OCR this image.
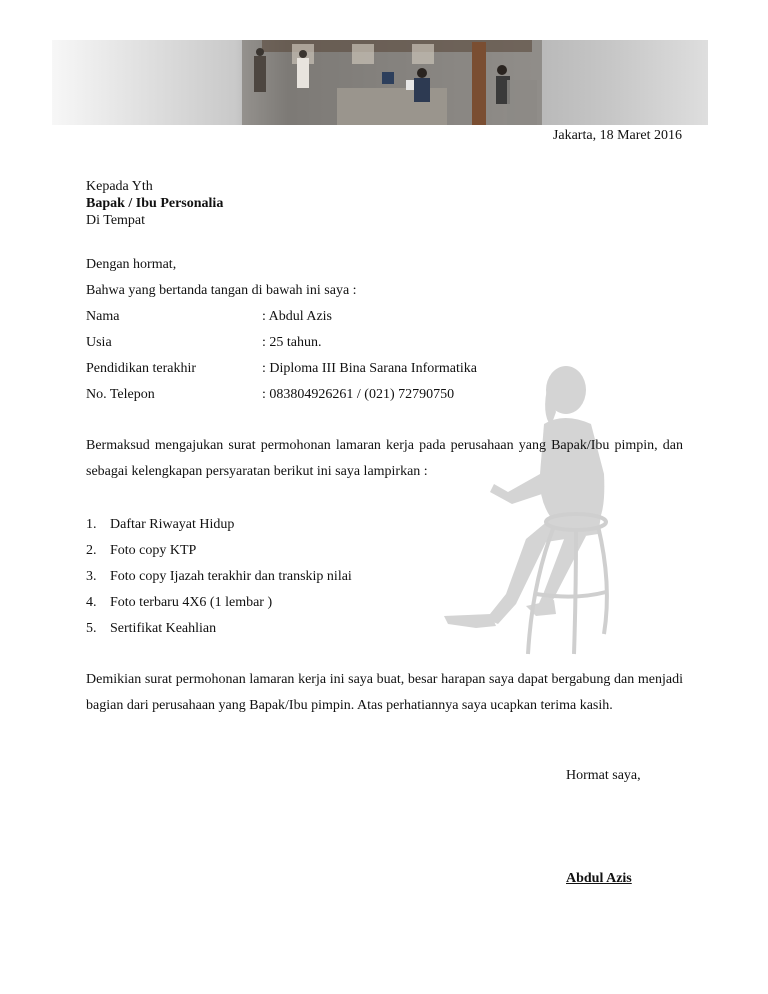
Jakarta, 18 Maret 2016
Kepada Yth
Bapak / Ibu Personalia
Di Tempat
Dengan hormat,
Bahwa yang bertanda tangan di bawah ini saya :
Nama	: Abdul Azis
Usia	: 25 tahun.
Pendidikan terakhir	: Diploma III Bina Sarana Informatika
No. Telepon	: 083804926261 / (021) 72790750
Bermaksud mengajukan surat permohonan lamaran kerja pada perusahaan yang Bapak/Ibu pimpin, dan sebagai kelengkapan persyaratan berikut ini saya lampirkan :
1. Daftar Riwayat Hidup
2. Foto copy KTP
3. Foto copy Ijazah terakhir dan transkip nilai
4. Foto terbaru 4X6 (1 lembar )
5. Sertifikat Keahlian
Demikian surat permohonan lamaran kerja ini saya buat, besar harapan saya dapat bergabung dan menjadi bagian dari perusahaan yang Bapak/Ibu pimpin. Atas perhatiannya saya ucapkan terima kasih.
Hormat saya,
Abdul Azis
